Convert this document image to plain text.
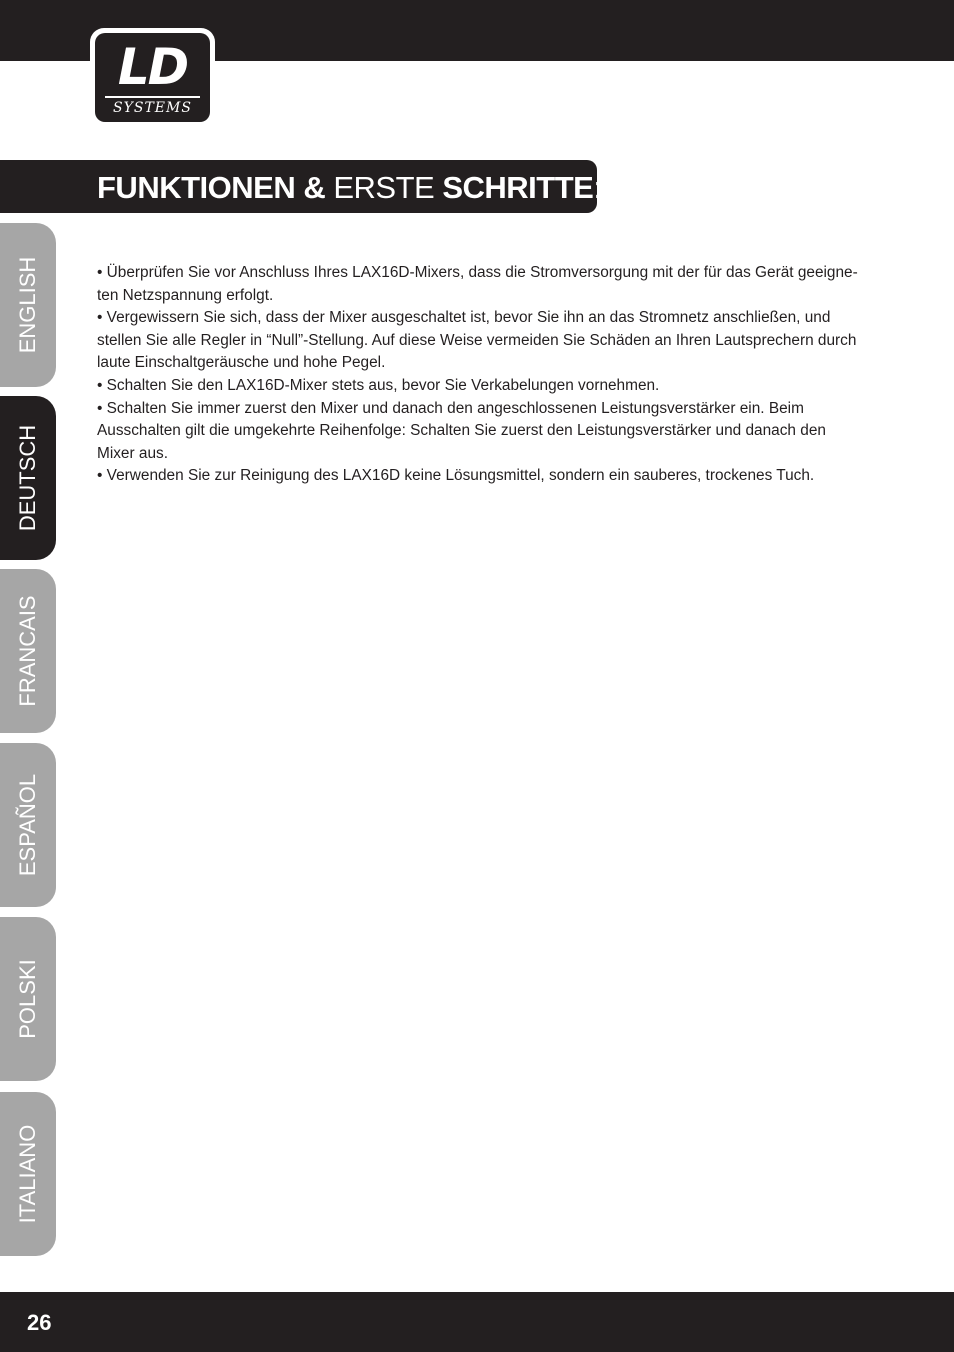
LD
SYSTEMS
FUNKTIONEN & ERSTE SCHRITTE:
ENGLISH
DEUTSCH
FRANCAIS
ESPAÑOL
POLSKI
ITALIANO

• Überprüfen Sie vor Anschluss Ihres LAX16D-Mixers, dass die Stromversorgung mit der für das Gerät geeigne- ten Netzspannung erfolgt.

• Vergewissern Sie sich, dass der Mixer ausgeschaltet ist, bevor Sie ihn an das Stromnetz anschließen, und stellen Sie alle Regler in “Null”-Stellung. Auf diese Weise vermeiden Sie Schäden an Ihren Lautsprechern durch laute Einschaltgeräusche und hohe Pegel.

• Schalten Sie den LAX16D-Mixer stets aus, bevor Sie Verkabelungen vornehmen.

• Schalten Sie immer zuerst den Mixer und danach den angeschlossenen Leistungsverstärker ein. Beim Ausschalten gilt die umgekehrte Reihenfolge: Schalten Sie zuerst den Leistungsverstärker und danach den Mixer aus.

• Verwenden Sie zur Reinigung des LAX16D keine Lösungsmittel, sondern ein sauberes, trockenes Tuch.

26
